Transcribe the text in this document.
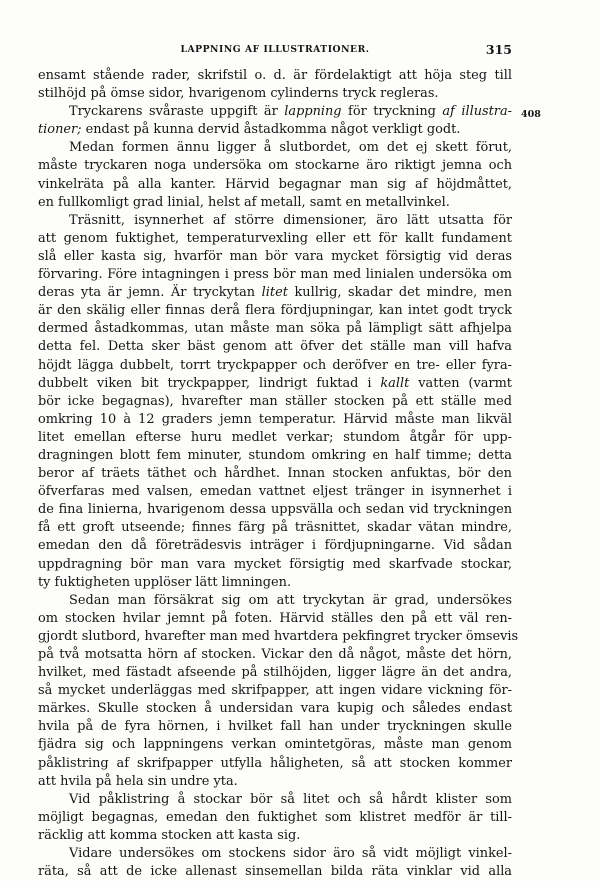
LAPPNING AF ILLUSTRATIONER.	315
408
ensamt stående rader, skrifstil o. d. är fördelaktigt att höja steg till
stilhöjd på ömse sidor, hvarigenom cylinderns tryck regleras.
Tryckarens svåraste uppgift är lappning för tryckning af illustra-
tioner; endast på kunna dervid åstadkomma något verkligt godt.
Medan formen ännu ligger å slutbordet, om det ej skett förut,
måste tryckaren noga undersöka om stockarne äro riktigt jemna och
vinkelräta på alla kanter. Härvid begagnar man sig af höjdmåttet,
en fullkomligt grad linial, helst af metall, samt en metallvinkel.
Träsnitt, isynnerhet af större dimensioner, äro lätt utsatta för
att genom fuktighet, temperaturvexling eller ett för kallt fundament
slå eller kasta sig, hvarför man bör vara mycket försigtig vid deras
förvaring. Före intagningen i press bör man med linialen undersöka om
deras yta är jemn. Är tryckytan litet kullrig, skadar det mindre, men
är den skälig eller finnas derå flera fördjupningar, kan intet godt tryck
dermed åstadkommas, utan måste man söka på lämpligt sätt afhjelpa
detta fel. Detta sker bäst genom att öfver det ställe man vill hafva
höjdt lägga dubbelt, torrt tryckpapper och deröfver en tre- eller fyra-
dubbelt viken bit tryckpapper, lindrigt fuktad i kallt vatten (varmt
bör icke begagnas), hvarefter man ställer stocken på ett ställe med
omkring 10 à 12 graders jemn temperatur. Härvid måste man likväl
litet emellan efterse huru medlet verkar; stundom åtgår för upp-
dragningen blott fem minuter, stundom omkring en half timme; detta
beror af träets täthet och hårdhet. Innan stocken anfuktas, bör den
öfverfaras med valsen, emedan vattnet eljest tränger in isynnerhet i
de fina linierna, hvarigenom dessa uppsvälla och sedan vid tryckningen
få ett groft utseende; finnes färg på träsnittet, skadar vätan mindre,
emedan den då företrädesvis inträger i fördjupningarne. Vid sådan
uppdragning bör man vara mycket försigtig med skarfvade stockar,
ty fuktigheten upplöser lätt limningen.
Sedan man försäkrat sig om att tryckytan är grad, undersökes
om stocken hvilar jemnt på foten. Härvid ställes den på ett väl ren-
gjordt slutbord, hvarefter man med hvartdera pekfingret trycker ömsevis
på två motsatta hörn af stocken. Vickar den då något, måste det hörn,
hvilket, med fästadt afseende på stilhöjden, ligger lägre än det andra,
så mycket underläggas med skrifpapper, att ingen vidare vickning för-
märkes. Skulle stocken å undersidan vara kupig och således endast
hvila på de fyra hörnen, i hvilket fall han under tryckningen skulle
fjädra sig och lappningens verkan omintetgöras, måste man genom
påklistring af skrifpapper utfylla håligheten, så att stocken kommer
att hvila på hela sin undre yta.
Vid påklistring å stockar bör så litet och så hårdt klister som
möjligt begagnas, emedan den fuktighet som klistret medför är till-
räcklig att komma stocken att kasta sig.
Vidare undersökes om stockens sidor äro så vidt möjligt vinkel-
räta, så att de icke allenast sinsemellan bilda räta vinklar vid alla
